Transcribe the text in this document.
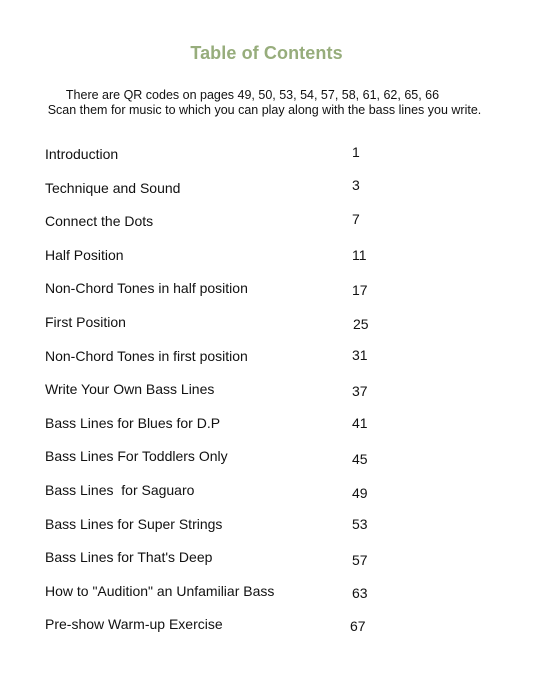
Table of Contents
There are QR codes on pages 49, 50, 53, 54, 57, 58, 61, 62, 65, 66
Scan them for music to which you can play along with the bass lines you write.
Introduction	1
Technique and Sound	3
Connect the Dots	7
Half Position	11
Non-Chord Tones in half position	17
First Position	25
Non-Chord Tones in first position	31
Write Your Own Bass Lines	37
Bass Lines for Blues for D.P	41
Bass Lines For Toddlers Only	45
Bass Lines  for Saguaro	49
Bass Lines for Super Strings	53
Bass Lines for That's Deep	57
How to "Audition" an Unfamiliar Bass	63
Pre-show Warm-up Exercise	67
